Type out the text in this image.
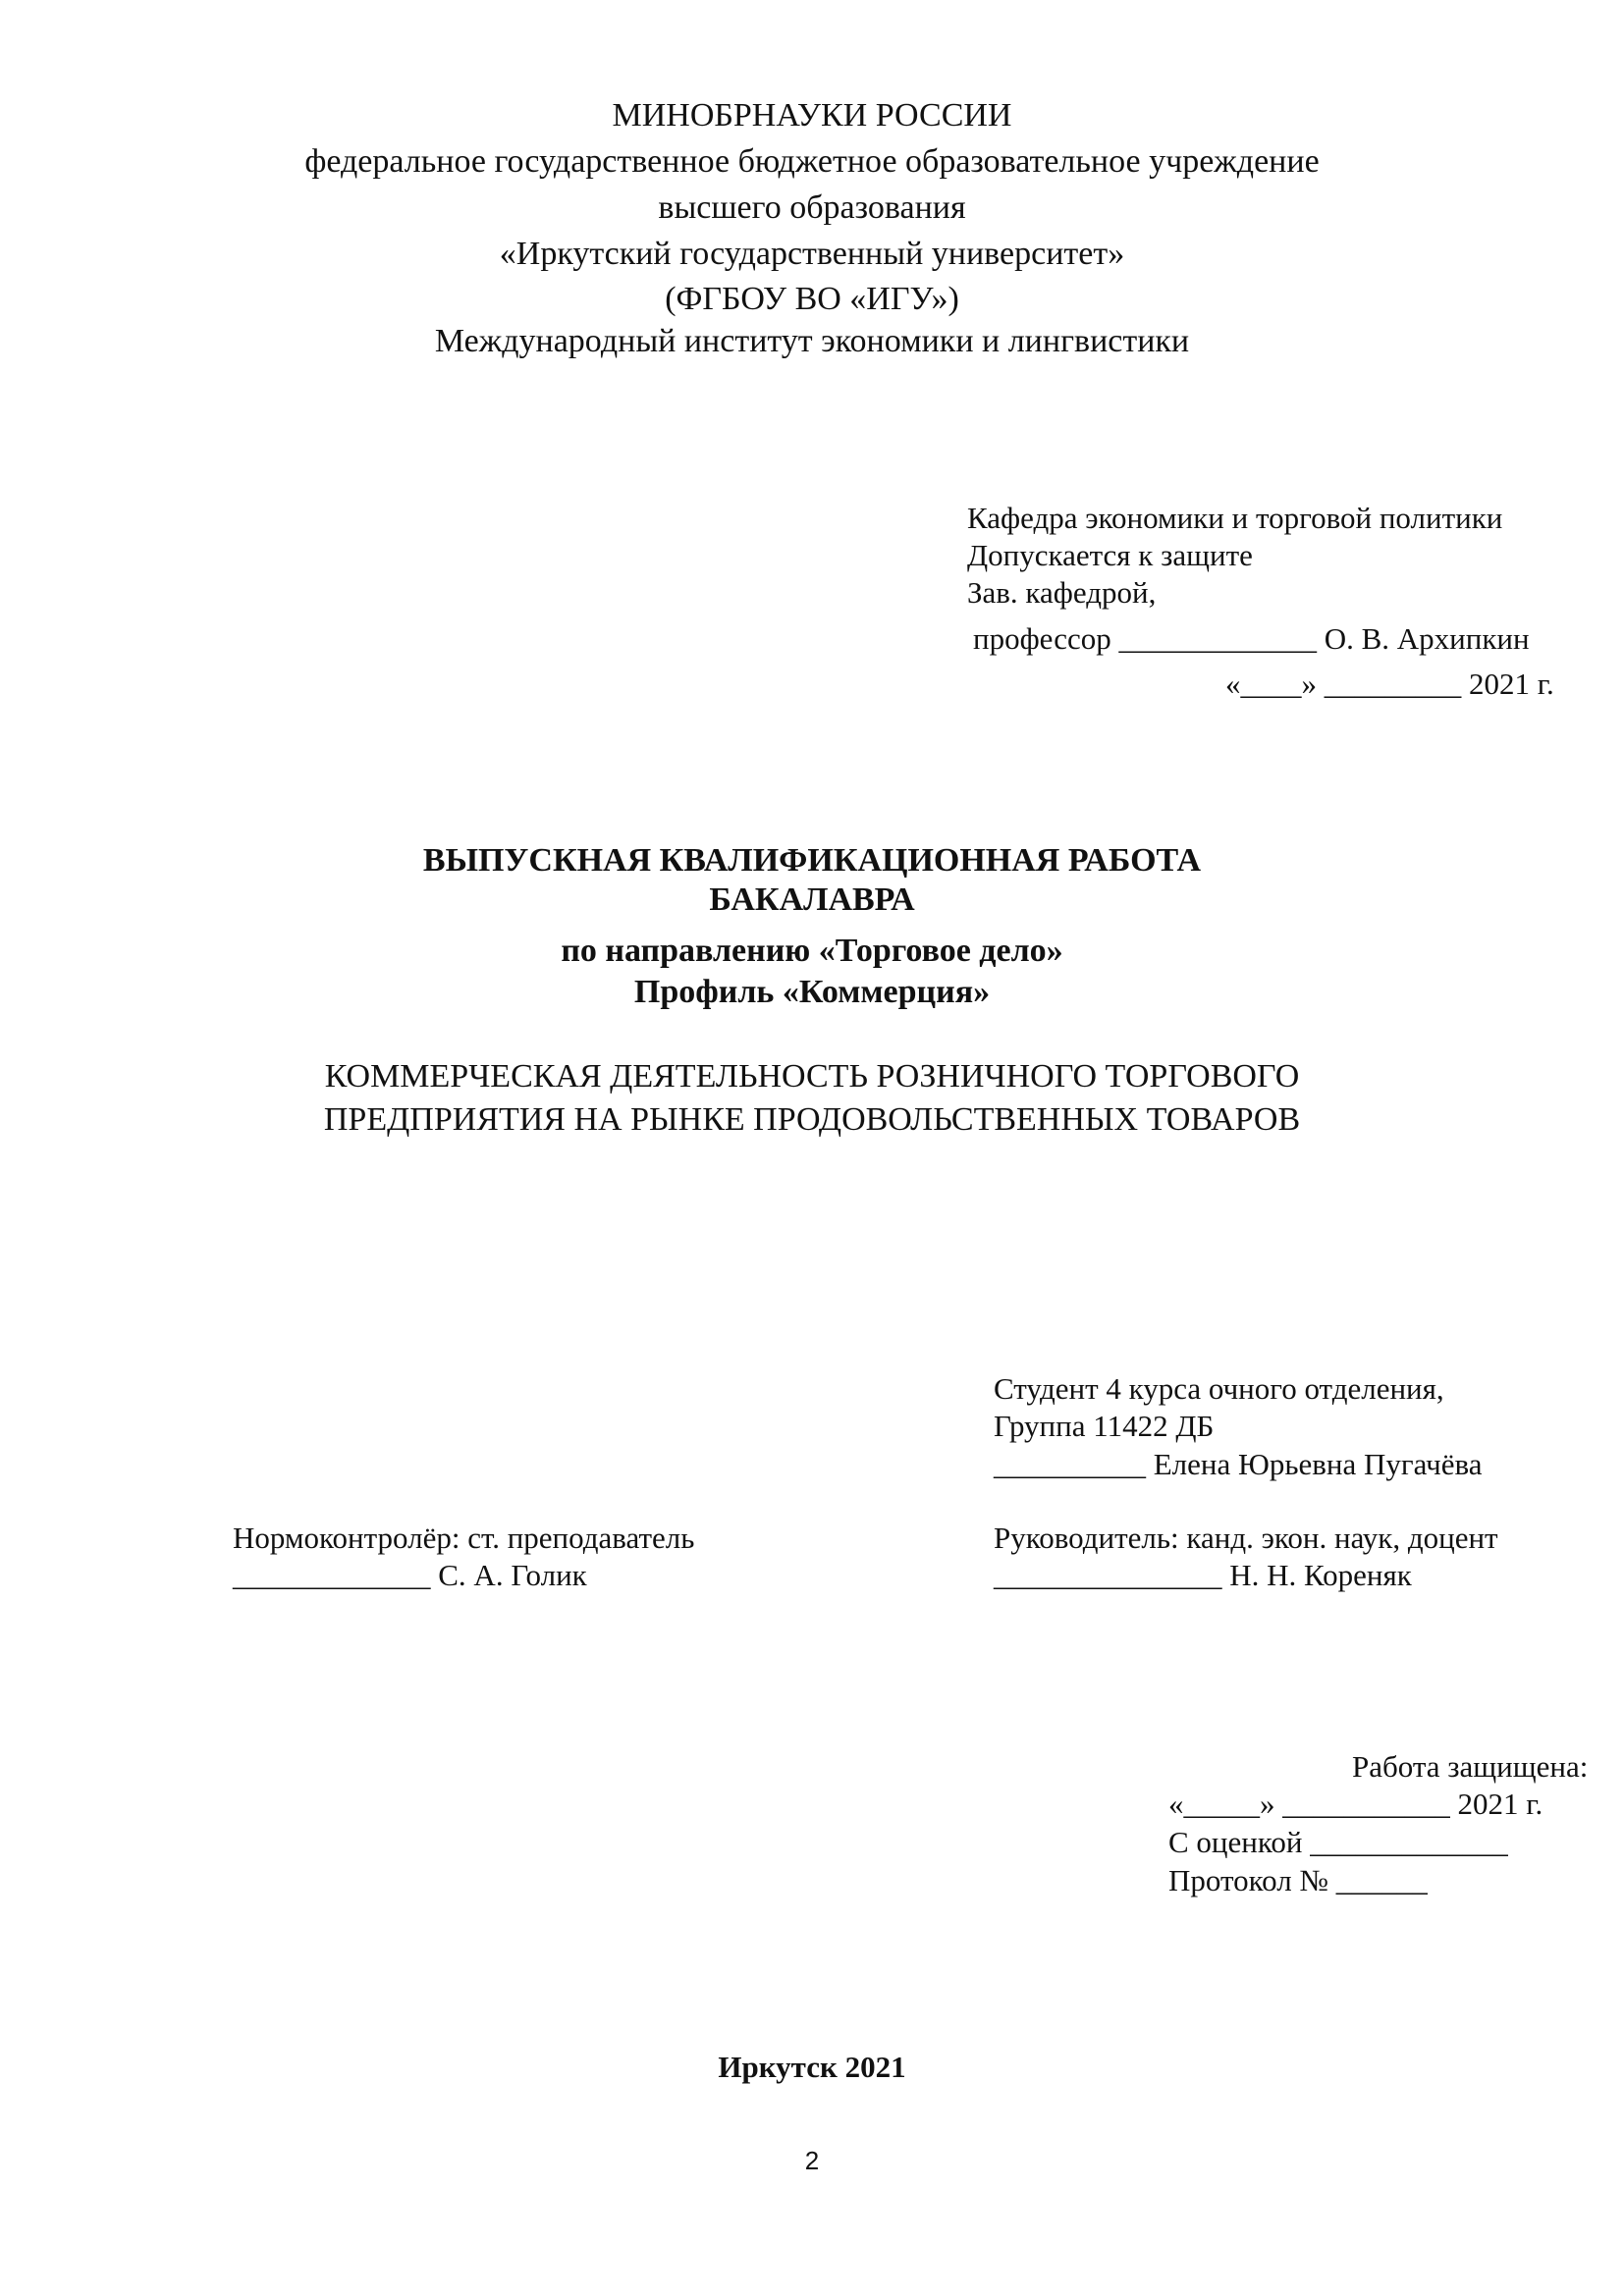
МИНОБРНАУКИ РОССИИ

федеральное государственное бюджетное образовательное учреждение

высшего образования

«Иркутский государственный университет»

(ФГБОУ ВО «ИГУ»)

Международный институт экономики и лингвистики

Кафедра экономики и торговой политики

Допускается к защите

Зав. кафедрой,

профессор _____________ О. В. Архипкин

«____» _________ 2021 г.

ВЫПУСКНАЯ КВАЛИФИКАЦИОННАЯ РАБОТА

БАКАЛАВРА

по направлению «Торговое дело»

Профиль «Коммерция»

КОММЕРЧЕСКАЯ ДЕЯТЕЛЬНОСТЬ РОЗНИЧНОГО ТОРГОВОГО

ПРЕДПРИЯТИЯ НА РЫНКЕ ПРОДОВОЛЬСТВЕННЫХ ТОВАРОВ

Студент 4 курса очного отделения,

Группа 11422 ДБ

__________ Елена Юрьевна Пугачёва

Нормоконтролёр: ст. преподаватель

_____________ С. А. Голик

Руководитель: канд. экон. наук, доцент

_______________ Н. Н. Кореняк

Работа защищена:

«_____» ___________ 2021 г.

С оценкой _____________

Протокол № ______

Иркутск 2021

2
